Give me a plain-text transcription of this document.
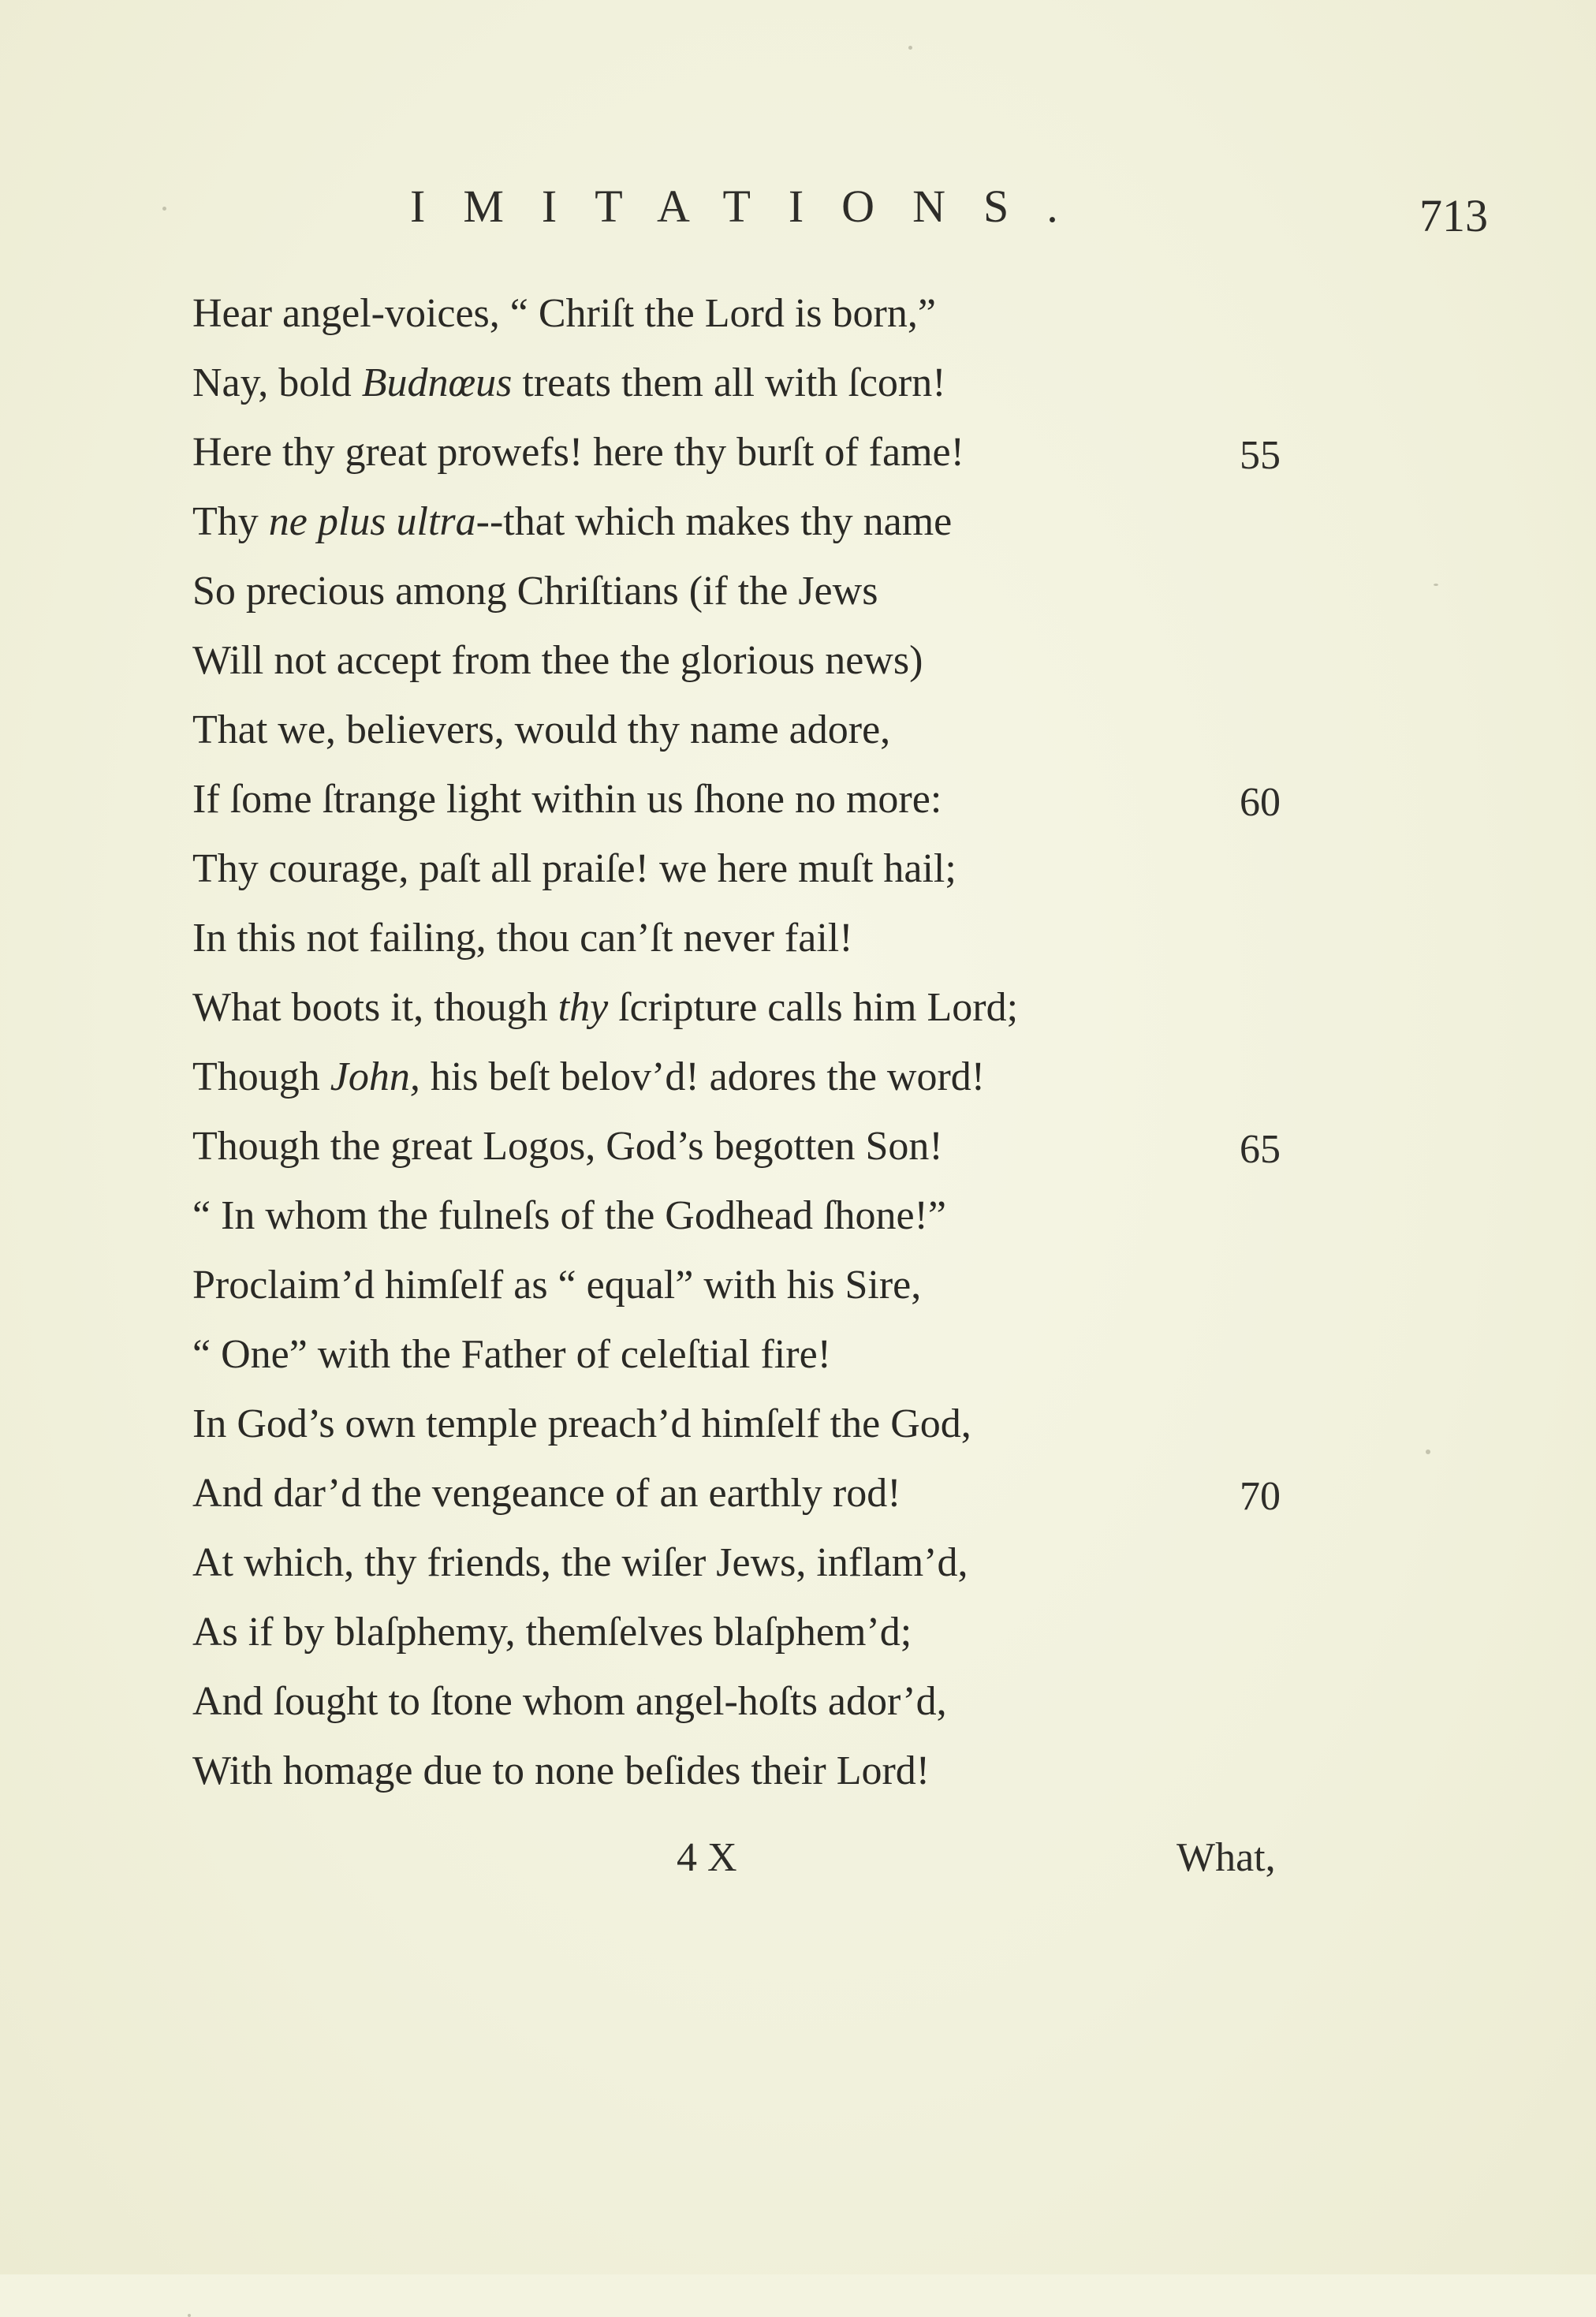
IMITATIONS.	713
Hear angel-voices, “ Chriſt the Lord is born,”
Nay, bold Budnœus treats them all with ſcorn!
Here thy great prowefs! here thy burſt of fame!	55
Thy ne plus ultra--that which makes thy name
So precious among Chriſtians (if the Jews
Will not accept from thee the glorious news)
That we, believers, would thy name adore,
If ſome ſtrange light within us ſhone no more:	60
Thy courage, paſt all praiſe! we here muſt hail;
In this not failing, thou can’ſt never fail!
What boots it, though thy ſcripture calls him Lord;
Though John, his beſt belov’d! adores the word!
Though the great Logos, God’s begotten Son!	65
“ In whom the fulneſs of the Godhead ſhone!”
Proclaim’d himſelf as “ equal” with his Sire,
“ One” with the Father of celeſtial fire!
In God’s own temple preach’d himſelf the God,
And dar’d the vengeance of an earthly rod!	70
At which, thy friends, the wiſer Jews, inflam’d,
As if by blaſphemy, themſelves blaſphem’d;
And ſought to ſtone whom angel-hoſts ador’d,
With homage due to none beſides their Lord!
4 X	What,
